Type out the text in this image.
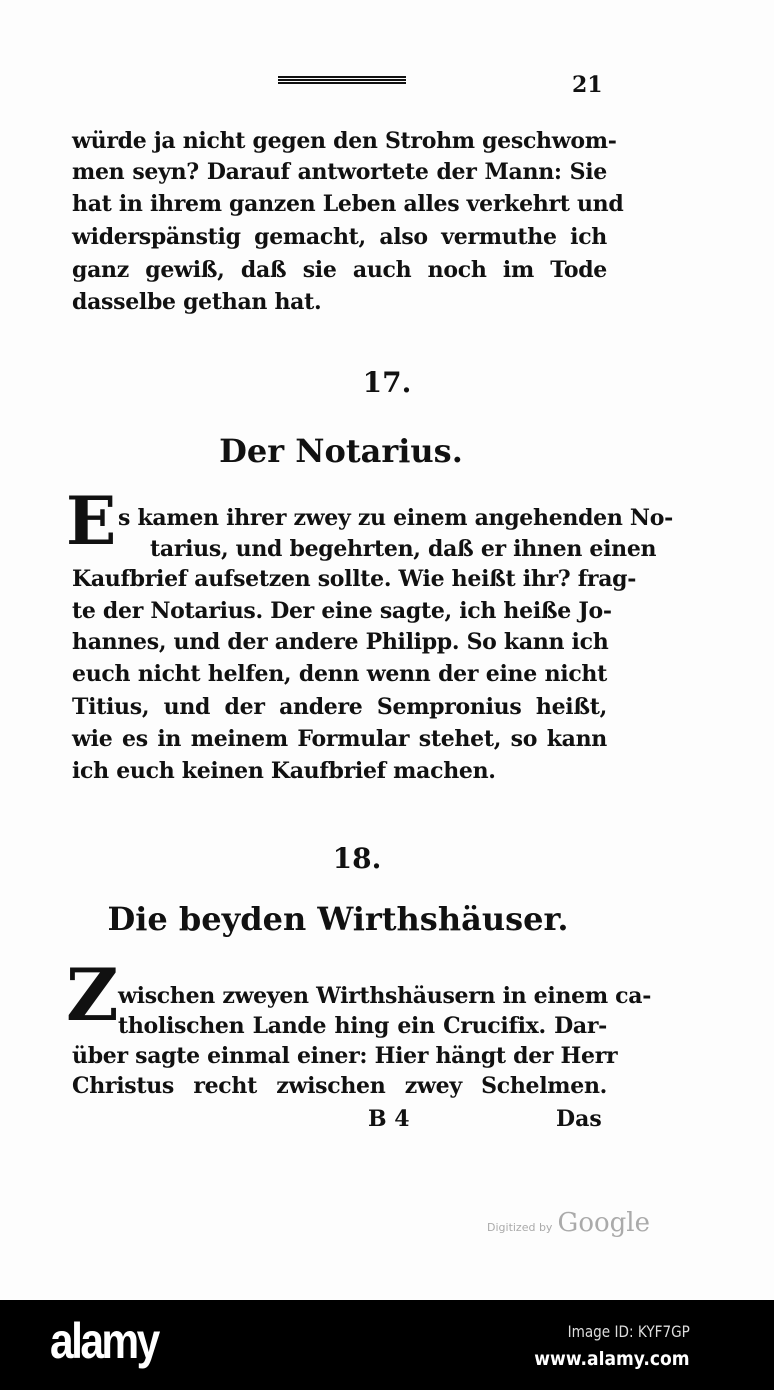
21
würde ja nicht gegen den Strohm geschwom-
men seyn? Darauf antwortete der Mann: Sie
hat in ihrem ganzen Leben alles verkehrt und
widerspänstig gemacht, also vermuthe ich
ganz gewiß, daß sie auch noch im Tode
dasselbe gethan hat.
17.
Der Notarius.
E s kamen ihrer zwey zu einem angehenden No-
tarius, und begehrten, daß er ihnen einen
Kaufbrief aufsetzen sollte. Wie heißt ihr? frag-
te der Notarius. Der eine sagte, ich heiße Jo-
hannes, und der andere Philipp. So kann ich
euch nicht helfen, denn wenn der eine nicht
Titius, und der andere Sempronius heißt,
wie es in meinem Formular stehet, so kann
ich euch keinen Kaufbrief machen.
18.
Die beyden Wirthshäuser.
Z wischen zweyen Wirthshäusern in einem ca-
tholischen Lande hing ein Crucifix. Dar-
über sagte einmal einer: Hier hängt der Herr
Christus recht zwischen zwey Schelmen.
B 4	Das
Digitized by Google
alamy	Image ID: KYF7GP
www.alamy.com
